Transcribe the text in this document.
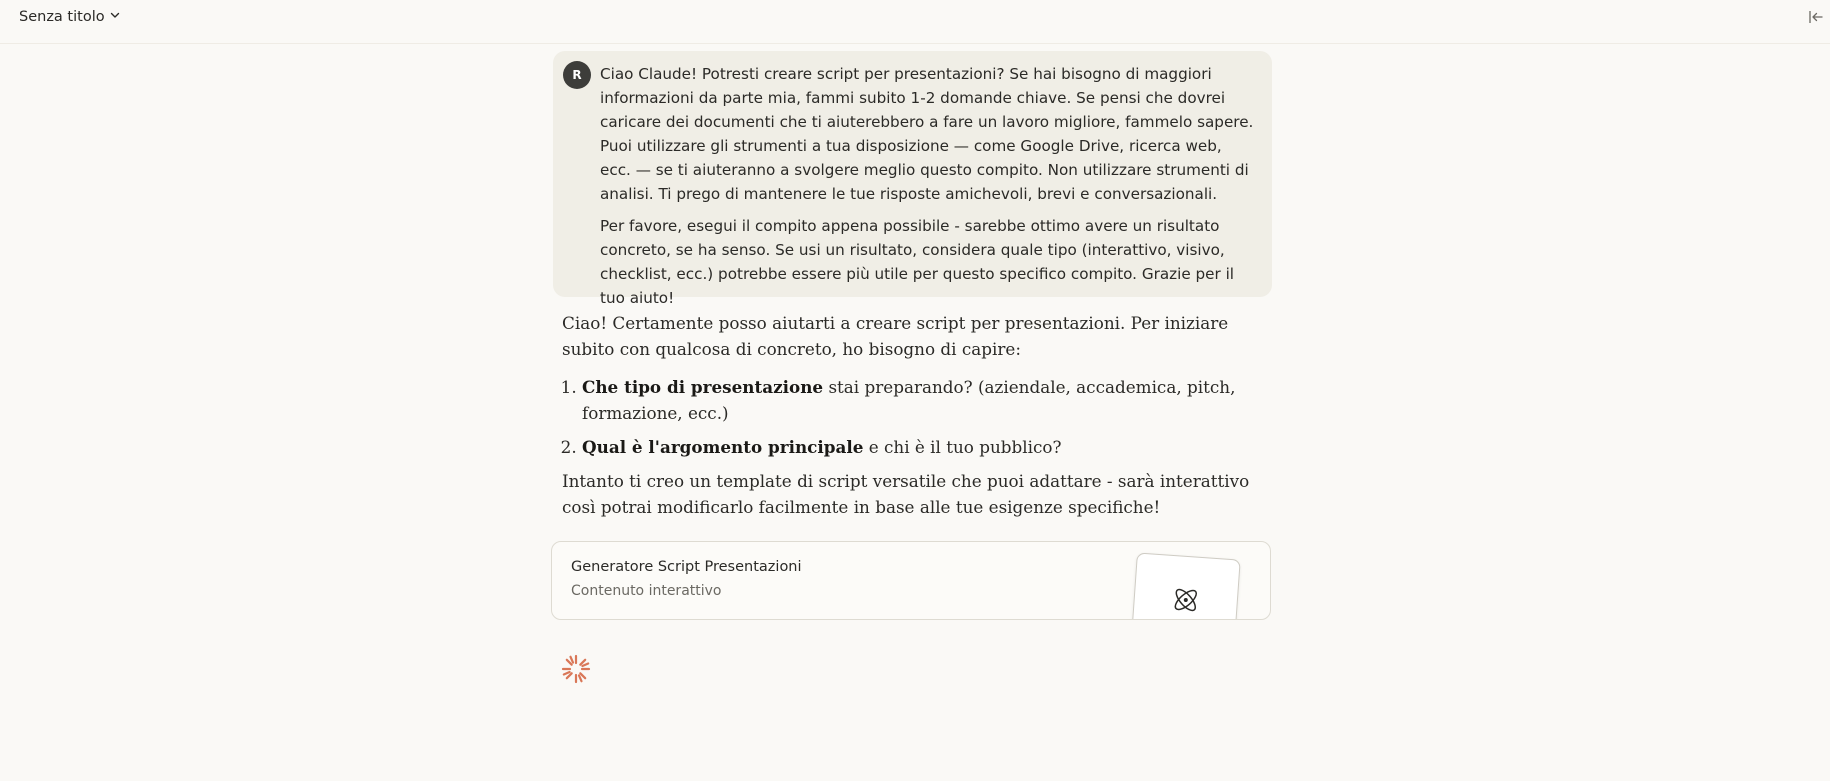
Senza titolo
R	Ciao Claude! Potresti creare script per presentazioni? Se hai bisogno di maggiori informazioni da parte mia, fammi subito 1-2 domande chiave. Se pensi che dovrei caricare dei documenti che ti aiuterebbero a fare un lavoro migliore, fammelo sapere. Puoi utilizzare gli strumenti a tua disposizione — come Google Drive, ricerca web, ecc. — se ti aiuteranno a svolgere meglio questo compito. Non utilizzare strumenti di analisi. Ti prego di mantenere le tue risposte amichevoli, brevi e conversazionali.

Per favore, esegui il compito appena possibile - sarebbe ottimo avere un risultato concreto, se ha senso. Se usi un risultato, considera quale tipo (interattivo, visivo, checklist, ecc.) potrebbe essere più utile per questo specifico compito. Grazie per il tuo aiuto!

Ciao! Certamente posso aiutarti a creare script per presentazioni. Per iniziare subito con qualcosa di concreto, ho bisogno di capire:

1. Che tipo di presentazione stai preparando? (aziendale, accademica, pitch, formazione, ecc.)
2. Qual è l'argomento principale e chi è il tuo pubblico?

Intanto ti creo un template di script versatile che puoi adattare - sarà interattivo così potrai modificarlo facilmente in base alle tue esigenze specifiche!

Generatore Script Presentazioni
Contenuto interattivo
